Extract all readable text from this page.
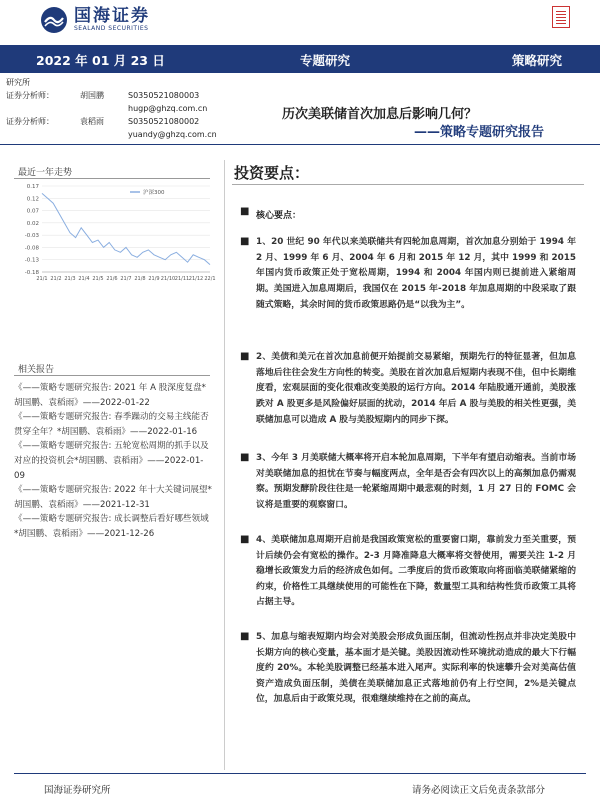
国海证券
SEALAND SECURITIES
2022 年 01 月 23 日	专题研究	策略研究
研究所
证券分析师：	胡国鹏	S0350521080003
hugp@ghzq.com.cn
证券分析师：	袁稻雨	S0350521080002
yuandy@ghzq.com.cn
历次美联储首次加息后影响几何？
——策略专题研究报告
最近一年走势
0.17
0.12
0.07
0.02
-0.03
-0.08
-0.13
-0.18
21/1 21/2 21/3 21/4 21/5 21/6 21/7 21/8 21/9 21/10 21/11 21/12 22/1
沪深300
相关报告

《——策略专题研究报告: 2021 年 A 股深度复盘*胡国鹏、袁稻雨》——2022-01-22

《——策略专题研究报告: 春季躁动的交易主线能否贯穿全年？*胡国鹏、袁稻雨》——2022-01-16

《——策略专题研究报告: 五轮宽松周期的抓手以及对应的投资机会*胡国鹏、袁稻雨》——2022-01-09

《——策略专题研究报告: 2022 年十大关键词展望*胡国鹏、袁稻雨》——2021-12-31

《——策略专题研究报告: 成长调整后看好哪些领域*胡国鹏、袁稻雨》——2021-12-26

投资要点：
■ 核心要点：
■ 1、20 世纪 90 年代以来美联储共有四轮加息周期，首次加息分别始于 1994 年 2 月、1999 年 6 月、2004 年 6 月和 2015 年 12 月，其中 1999 和 2015 年国内货币政策正处于宽松周期，1994 和 2004 年国内则已提前进入紧缩周期。美国进入加息周期后，我国仅在 2015 年-2018 年加息周期的中段采取了跟随式策略，其余时间的货币政策思路仍是“以我为主”。
■ 2、美债和美元在首次加息前便开始提前交易紧缩，预期先行的特征显著，但加息落地后往往会发生方向性的转变。美股在首次加息后短期内表现不佳，但中长期维度看，宏观层面的变化很难改变美股的运行方向。2014 年陆股通开通前，美股涨跌对 A 股更多是风险偏好层面的扰动，2014 年后 A 股与美股的相关性更强，美联储加息可以造成 A 股与美股短期内的同步下探。
■ 3、今年 3 月美联储大概率将开启本轮加息周期，下半年有望启动缩表。当前市场对美联储加息的担忧在节奏与幅度两点，全年是否会有四次以上的高频加息仍需观察。预期发酵阶段往往是一轮紧缩周期中最悲观的时刻，1 月 27 日的 FOMC 会议将是重要的观察窗口。
■ 4、美联储加息周期开启前是我国政策宽松的重要窗口期，靠前发力至关重要，预计后续仍会有宽松的操作。2-3 月降准降息大概率将交替使用，需要关注 1-2 月稳增长政策发力后的经济成色如何。二季度后的货币政策取向将面临美联储紧缩的约束，价格性工具继续使用的可能性在下降，数量型工具和结构性货币政策工具将占据主导。
■ 5、加息与缩表短期内均会对美股会形成负面压制，但流动性拐点并非决定美股中长期方向的核心变量，基本面才是关键。美股因流动性环境扰动造成的最大下行幅度约 20%。本轮美股调整已经基本进入尾声。实际利率的快速攀升会对美高估值资产造成负面压制，美债在美联储加息正式落地前仍有上行空间，2%是关键点位，加息后由于政策兑现，很难继续维持在之前的高点。
国海证券研究所	请务必阅读正文后免责条款部分
